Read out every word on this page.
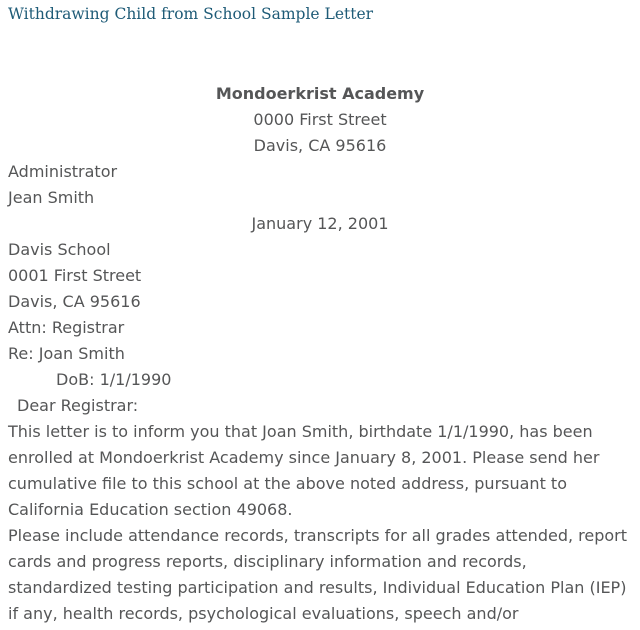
Withdrawing Child from School Sample Letter
Mondoerkrist Academy
0000 First Street
Davis, CA 95616
Administrator
Jean Smith
January 12, 2001
Davis School
0001 First Street
Davis, CA 95616
Attn: Registrar
Re: Joan Smith
DoB: 1/1/1990
Dear Registrar:
This letter is to inform you that Joan Smith, birthdate 1/1/1990, has been enrolled at Mondoerkrist Academy since January 8, 2001. Please send her cumulative file to this school at the above noted address, pursuant to California Education section 49068.
Please include attendance records, transcripts for all grades attended, report cards and progress reports, disciplinary information and records, standardized testing participation and results, Individual Education Plan (IEP) if any, health records, psychological evaluations, speech and/or
